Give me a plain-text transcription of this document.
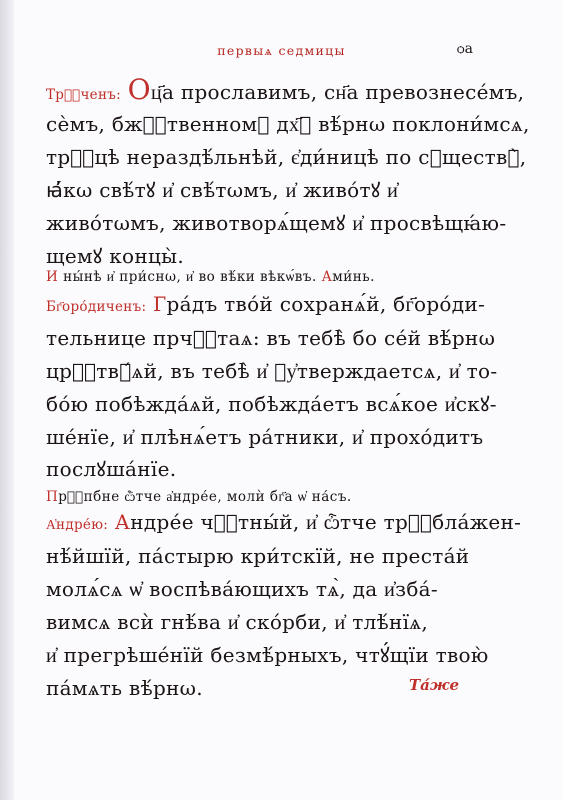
первыѧ седмицы	ѻа
Трⷪ҇ченъ: Оц҃а прославимъ, сн҃а превознесе́мъ,
сѐмъ, бжⷭ҇твенномꙋ дх҃ꙋ вѣ́рнω поклони́мсѧ,
трⷪ҇цѣ нераздѣ́льнѣй, є҆ди́ницѣ по сꙋществꙋ̀,
ꙗ҆́кω свѣ́тꙋ и҆ свѣ́тωмъ, и҆ живо́тꙋ и҆
живо́тωмъ, животворѧ́щемꙋ и҆ просвѣщꙗ́ю-
щемꙋ концы̀.
И ны́нѣ и҆ при́снω, и҆ во вѣ́ки вѣкѡ́въ. Ами́нь.
Бг҃оро́диченъ: Гра́дъ тво́й сохранѧ́й, бг҃оро́ди-
тельнице прчⷭ҇таѧ: въ тебѣ̀ бо се́й вѣ́рнω
црⷭ҇твꙋ́ѧй, въ тебѣ̀ и҆ ᲂу҆тверждаетсѧ, и҆ то-
бо́ю побѣжда́ѧй, побѣжда́етъ всѧ́кое и҆скꙋ-
ше́нїе, и҆ плѣнѧ́етъ ра́тники, и҆ прохо́дитъ
послꙋша́нїе.
Прⷪ҇пбне ѽтче а҆ндре́е, молѝ бг҃а ѡ҆ на́съ.
А҆ндре́ю: Андре́е чⷭ҇тны́й, и҆ ѽтче трⷪ҇бла́жен-
нѣ́йшїй, па́стырю кри́тскїй, не преста́й
молѧ́сѧ ѡ҆ воспѣва́ющихъ тѧ̀, да и҆зба́-
вимсѧ всѝ гнѣ́ва и҆ ско́рби, и҆ тлѣ́нїѧ,
и҆ прегрѣше́нїй безмѣ́рныхъ, чтꙋ́щїи твою̀
па́мѧть вѣ́рнω.	Та́же
